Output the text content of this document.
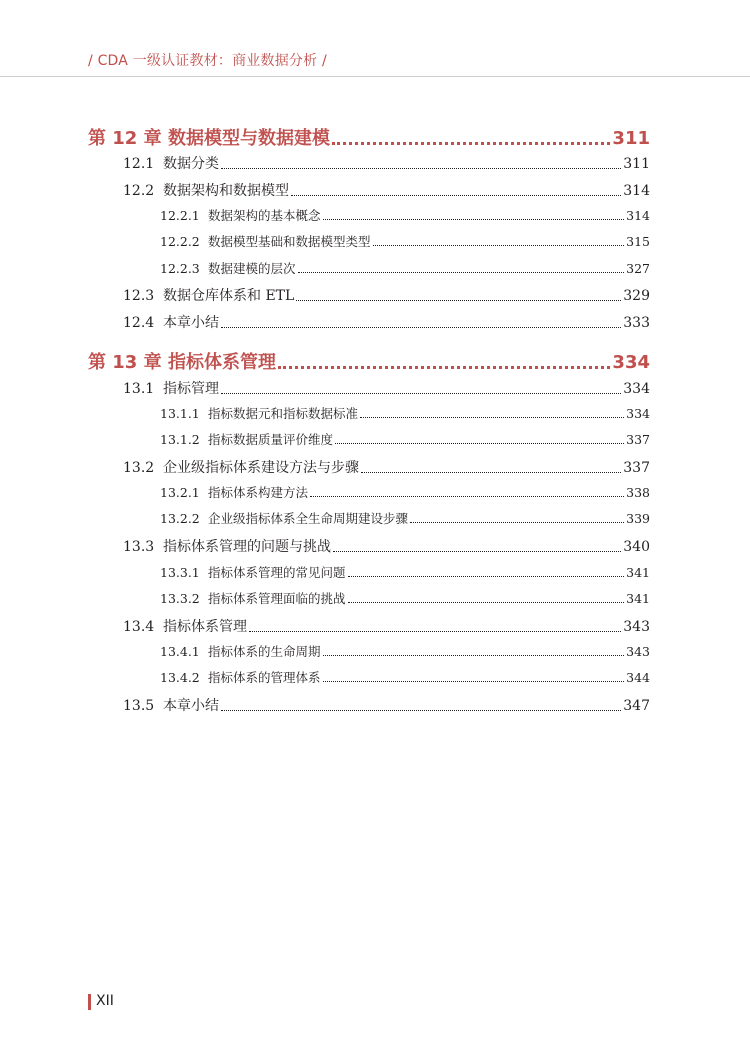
/ CDA 一级认证教材：商业数据分析 /
第 12 章 数据模型与数据建模	311
12.1 数据分类	311
12.2 数据架构和数据模型	314
12.2.1 数据架构的基本概念	314
12.2.2 数据模型基础和数据模型类型	315
12.2.3 数据建模的层次	327
12.3 数据仓库体系和 ETL	329
12.4 本章小结	333
第 13 章 指标体系管理	334
13.1 指标管理	334
13.1.1 指标数据元和指标数据标准	334
13.1.2 指标数据质量评价维度	337
13.2 企业级指标体系建设方法与步骤	337
13.2.1 指标体系构建方法	338
13.2.2 企业级指标体系全生命周期建设步骤	339
13.3 指标体系管理的问题与挑战	340
13.3.1 指标体系管理的常见问题	341
13.3.2 指标体系管理面临的挑战	341
13.4 指标体系管理	343
13.4.1 指标体系的生命周期	343
13.4.2 指标体系的管理体系	344
13.5 本章小结	347
XII
